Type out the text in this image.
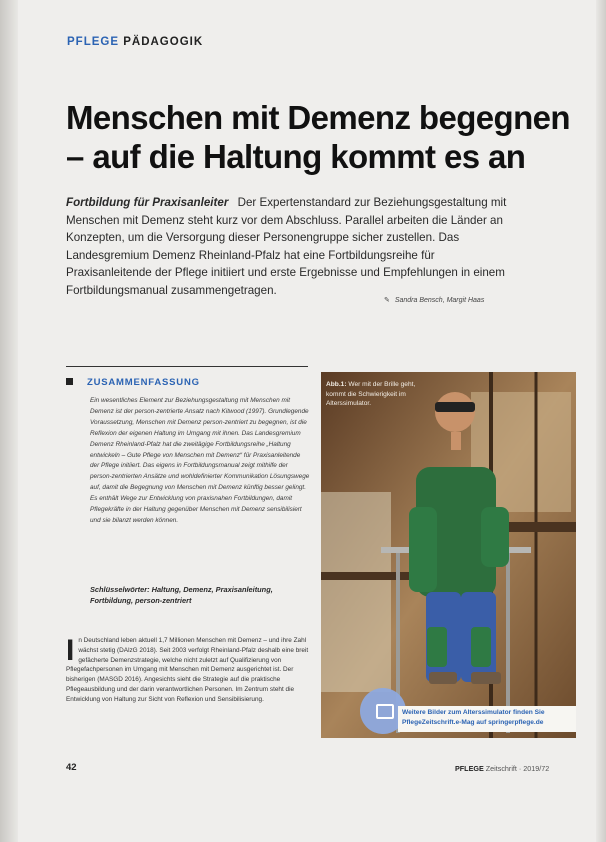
PFLEGE PÄDAGOGIK
Menschen mit Demenz begegnen
– auf die Haltung kommt es an
Fortbildung für Praxisanleiter Der Expertenstandard zur Beziehungsgestaltung mit Menschen mit Demenz steht kurz vor dem Abschluss. Parallel arbeiten die Länder an Konzepten, um die Versorgung dieser Personengruppe sicher zustellen. Das Landesgremium Demenz Rheinland-Pfalz hat eine Fortbildungsreihe für Praxisanleitende der Pflege initiiert und erste Ergebnisse und Empfehlungen in einem Fortbildungsmanual zusammengetragen.
✎ Sandra Bensch, Margit Haas
ZUSAMMENFASSUNG
Ein wesentliches Element zur Beziehungsgestaltung mit Menschen mit Demenz ist der person-zentrierte Ansatz nach Kitwood (1997). Grundlegende Voraussetzung, Menschen mit Demenz person-zentriert zu begegnen, ist die Reflexion der eigenen Haltung im Umgang mit ihnen. Das Landesgremium Demenz Rheinland-Pfalz hat die zweitägige Fortbildungsreihe „Haltung entwickeln – Gute Pflege von Menschen mit Demenz“ für Praxisanleitende der Pflege initiiert. Das eigens in Fortbildungsmanual zeigt mithilfe der person-zentrierten Ansätze und wohldefinierter Kommunikation Lösungswege auf, damit die Begegnung von Menschen mit Demenz künftig besser gelingt. Es enthält Wege zur Entwicklung von praxisnahen Fortbildungen, damit Pflegekräfte in der Haltung gegenüber Menschen mit Demenz sensibilisiert und sie bilanzt werden können.
Schlüsselwörter: Haltung, Demenz, Praxisanleitung, Fortbildung, person-zentriert
I n Deutschland leben aktuell 1,7 Millionen Menschen mit Demenz – und ihre Zahl wächst stetig (DAlzG 2018). Seit 2003 verfolgt Rheinland-Pfalz deshalb eine breit gefächerte Demenzstrategie, welche nicht zuletzt auf Qualifizierung von Pflegefachpersonen im Umgang mit Menschen mit Demenz ausgerichtet ist. Der bisherigen (MASGD 2016). Angesichts sieht die Strategie auf die praktische Pflegeausbildung und der darin verantwortlichen Personen. Im Zentrum steht die Entwicklung von Haltung zur Sicht von Reflexion und Sensibilisierung.
Abb.1: Wer mit der Brille geht, kommt die Schwierigkeit im Alterssimulator.
Weitere Bilder zum Alterssimulator finden Sie
PflegeZeitschrift.e-Mag auf springerpflege.de
42	PFLEGE Zeitschrift · 2019/72
